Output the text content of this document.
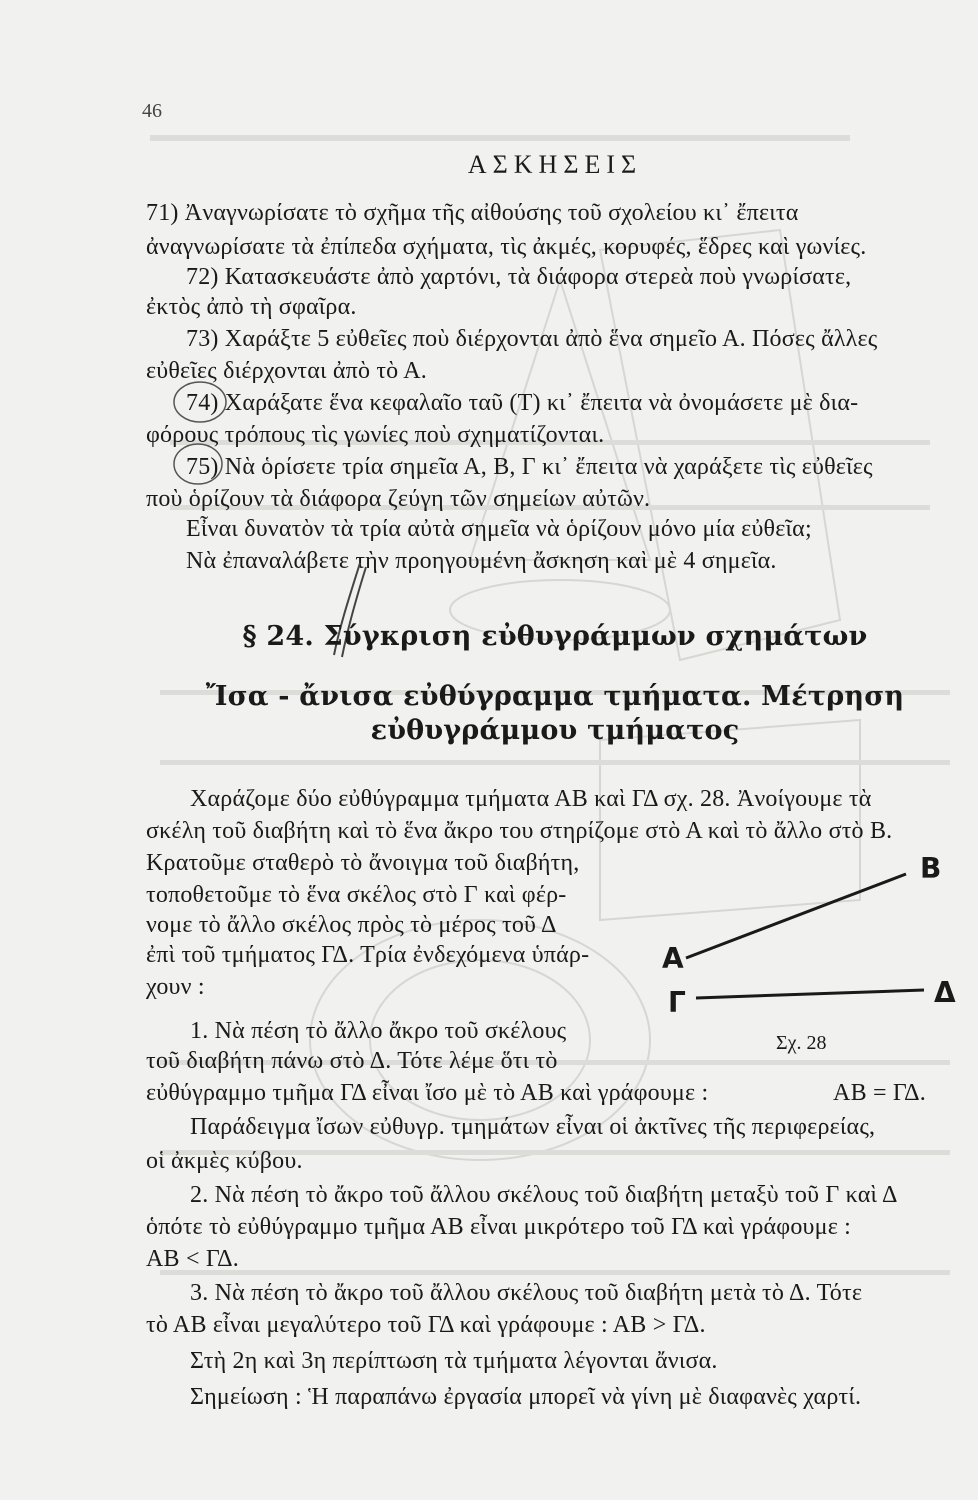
46
ΑΣΚΗΣΕΙΣ
71) Ἀναγνωρίσατε τὸ σχῆμα τῆς αἰθούσης τοῦ σχολείου κι᾽ ἔπειτα
ἀναγνωρίσατε τὰ ἐπίπεδα σχήματα, τὶς ἀκμές, κορυφές, ἕδρες καὶ γωνίες.
72) Κατασκευάστε ἀπὸ χαρτόνι, τὰ διάφορα στερεὰ ποὺ γνωρίσατε,
ἐκτὸς ἀπὸ τὴ σφαῖρα.
73) Χαράξτε 5 εὐθεῖες ποὺ διέρχονται ἀπὸ ἕνα σημεῖο Α. Πόσες ἄλλες
εὐθεῖες διέρχονται ἀπὸ τὸ Α.
74) Χαράξατε ἕνα κεφαλαῖο ταῦ (Τ) κι᾽ ἔπειτα νὰ ὀνομάσετε μὲ δια-
φόρους τρόπους τὶς γωνίες ποὺ σχηματίζονται.
75) Νὰ ὁρίσετε τρία σημεῖα Α, Β, Γ κι᾽ ἔπειτα νὰ χαράξετε τὶς εὐθεῖες
ποὺ ὁρίζουν τὰ διάφορα ζεύγη τῶν σημείων αὐτῶν.
Εἶναι δυνατὸν τὰ τρία αὐτὰ σημεῖα νὰ ὁρίζουν μόνο μία εὐθεῖα;
Νὰ ἐπαναλάβετε τὴν προηγουμένη ἄσκηση καὶ μὲ 4 σημεῖα.
§ 24. Σύγκριση εὐθυγράμμων σχημάτων
Ἴσα - ἄνισα εὐθύγραμμα τμήματα. Μέτρηση
εὐθυγράμμου τμήματος
Χαράζομε δύο εὐθύγραμμα τμήματα ΑΒ καὶ ΓΔ σχ. 28. Ἀνοίγουμε τὰ
σκέλη τοῦ διαβήτη καὶ τὸ ἕνα ἄκρο του στηρίζομε στὸ Α καὶ τὸ ἄλλο στὸ Β.
Κρατοῦμε σταθερὸ τὸ ἄνοιγμα τοῦ διαβήτη,
τοποθετοῦμε τὸ ἕνα σκέλος στὸ Γ καὶ φέρ-
νομε τὸ ἄλλο σκέλος πρὸς τὸ μέρος τοῦ Δ
ἐπὶ τοῦ τμήματος ΓΔ. Τρία ἐνδεχόμενα ὑπάρ-
χουν :
Β
Α
Γ	Δ
Σχ. 28
1. Νὰ πέση τὸ ἄλλο ἄκρο τοῦ σκέλους
τοῦ διαβήτη πάνω στὸ Δ. Τότε λέμε ὅτι τὸ
εὐθύγραμμο τμῆμα ΓΔ εἶναι ἴσο μὲ τὸ ΑΒ καὶ γράφουμε :	ΑΒ = ΓΔ.
Παράδειγμα ἴσων εὐθυγρ. τμημάτων εἶναι οἱ ἀκτῖνες τῆς περιφερείας,
οἱ ἀκμὲς κύβου.
2. Νὰ πέση τὸ ἄκρο τοῦ ἄλλου σκέλους τοῦ διαβήτη μεταξὺ τοῦ Γ καὶ Δ
ὁπότε τὸ εὐθύγραμμο τμῆμα ΑΒ εἶναι μικρότερο τοῦ ΓΔ καὶ γράφουμε :
ΑΒ < ΓΔ.
3. Νὰ πέση τὸ ἄκρο τοῦ ἄλλου σκέλους τοῦ διαβήτη μετὰ τὸ Δ. Τότε
τὸ ΑΒ εἶναι μεγαλύτερο τοῦ ΓΔ καὶ γράφουμε : ΑΒ > ΓΔ.
Στὴ 2η καὶ 3η περίπτωση τὰ τμήματα λέγονται ἄνισα.
Σημείωση : Ἡ παραπάνω ἐργασία μπορεῖ νὰ γίνη μὲ διαφανὲς χαρτί.
